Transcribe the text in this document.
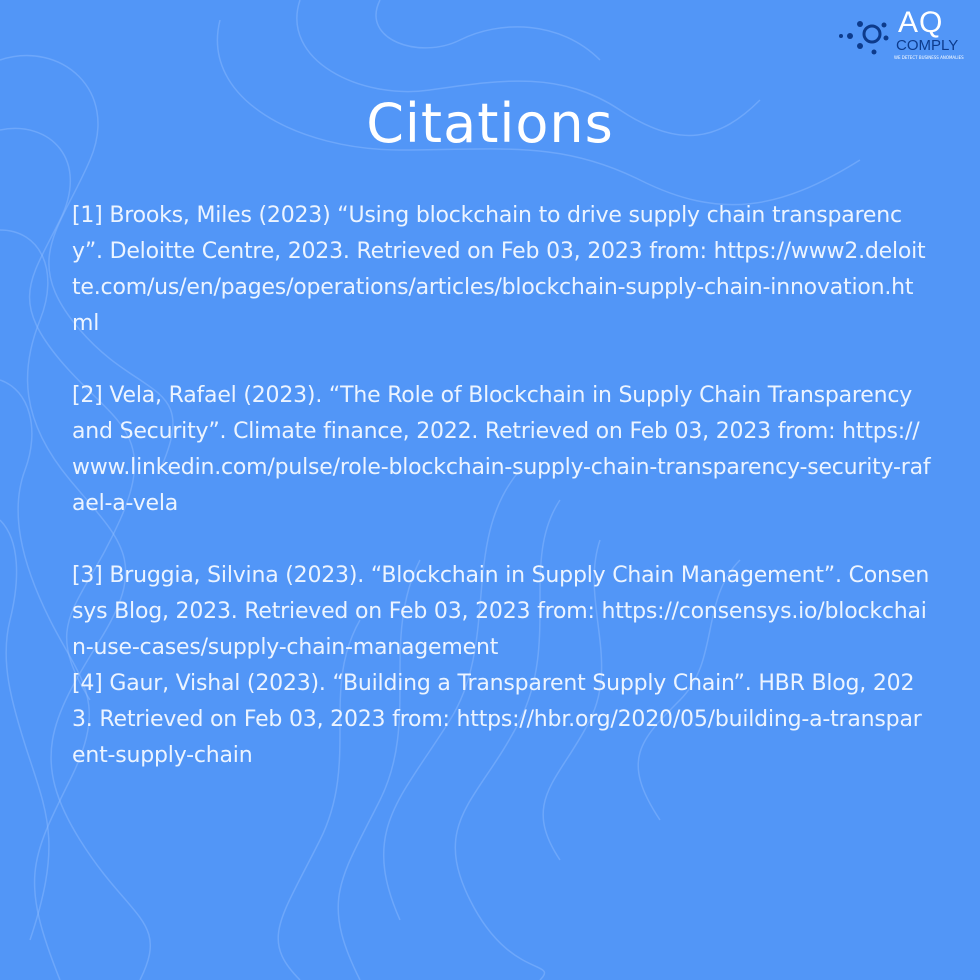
AQ
COMPLY
WE DETECT BUSINESS ANOMALIES
Citations

[1] Brooks, Miles (2023) “Using blockchain to drive supply chain transparency”. Deloitte Centre, 2023. Retrieved on Feb 03, 2023 from: https://www2.deloitte.com/us/en/pages/operations/articles/blockchain-supply-chain-innovation.html

[2] Vela, Rafael (2023). “The Role of Blockchain in Supply Chain Transparency and Security”. Climate finance, 2022. Retrieved on Feb 03, 2023 from: https://www.linkedin.com/pulse/role-blockchain-supply-chain-transparency-security-rafael-a-vela

[3] Bruggia, Silvina (2023). “Blockchain in Supply Chain Management”. Consensys Blog, 2023. Retrieved on Feb 03, 2023 from: https://consensys.io/blockchain-use-cases/supply-chain-management

[4] Gaur, Vishal (2023). “Building a Transparent Supply Chain”. HBR Blog, 2023. Retrieved on Feb 03, 2023 from: https://hbr.org/2020/05/building-a-transparent-supply-chain
